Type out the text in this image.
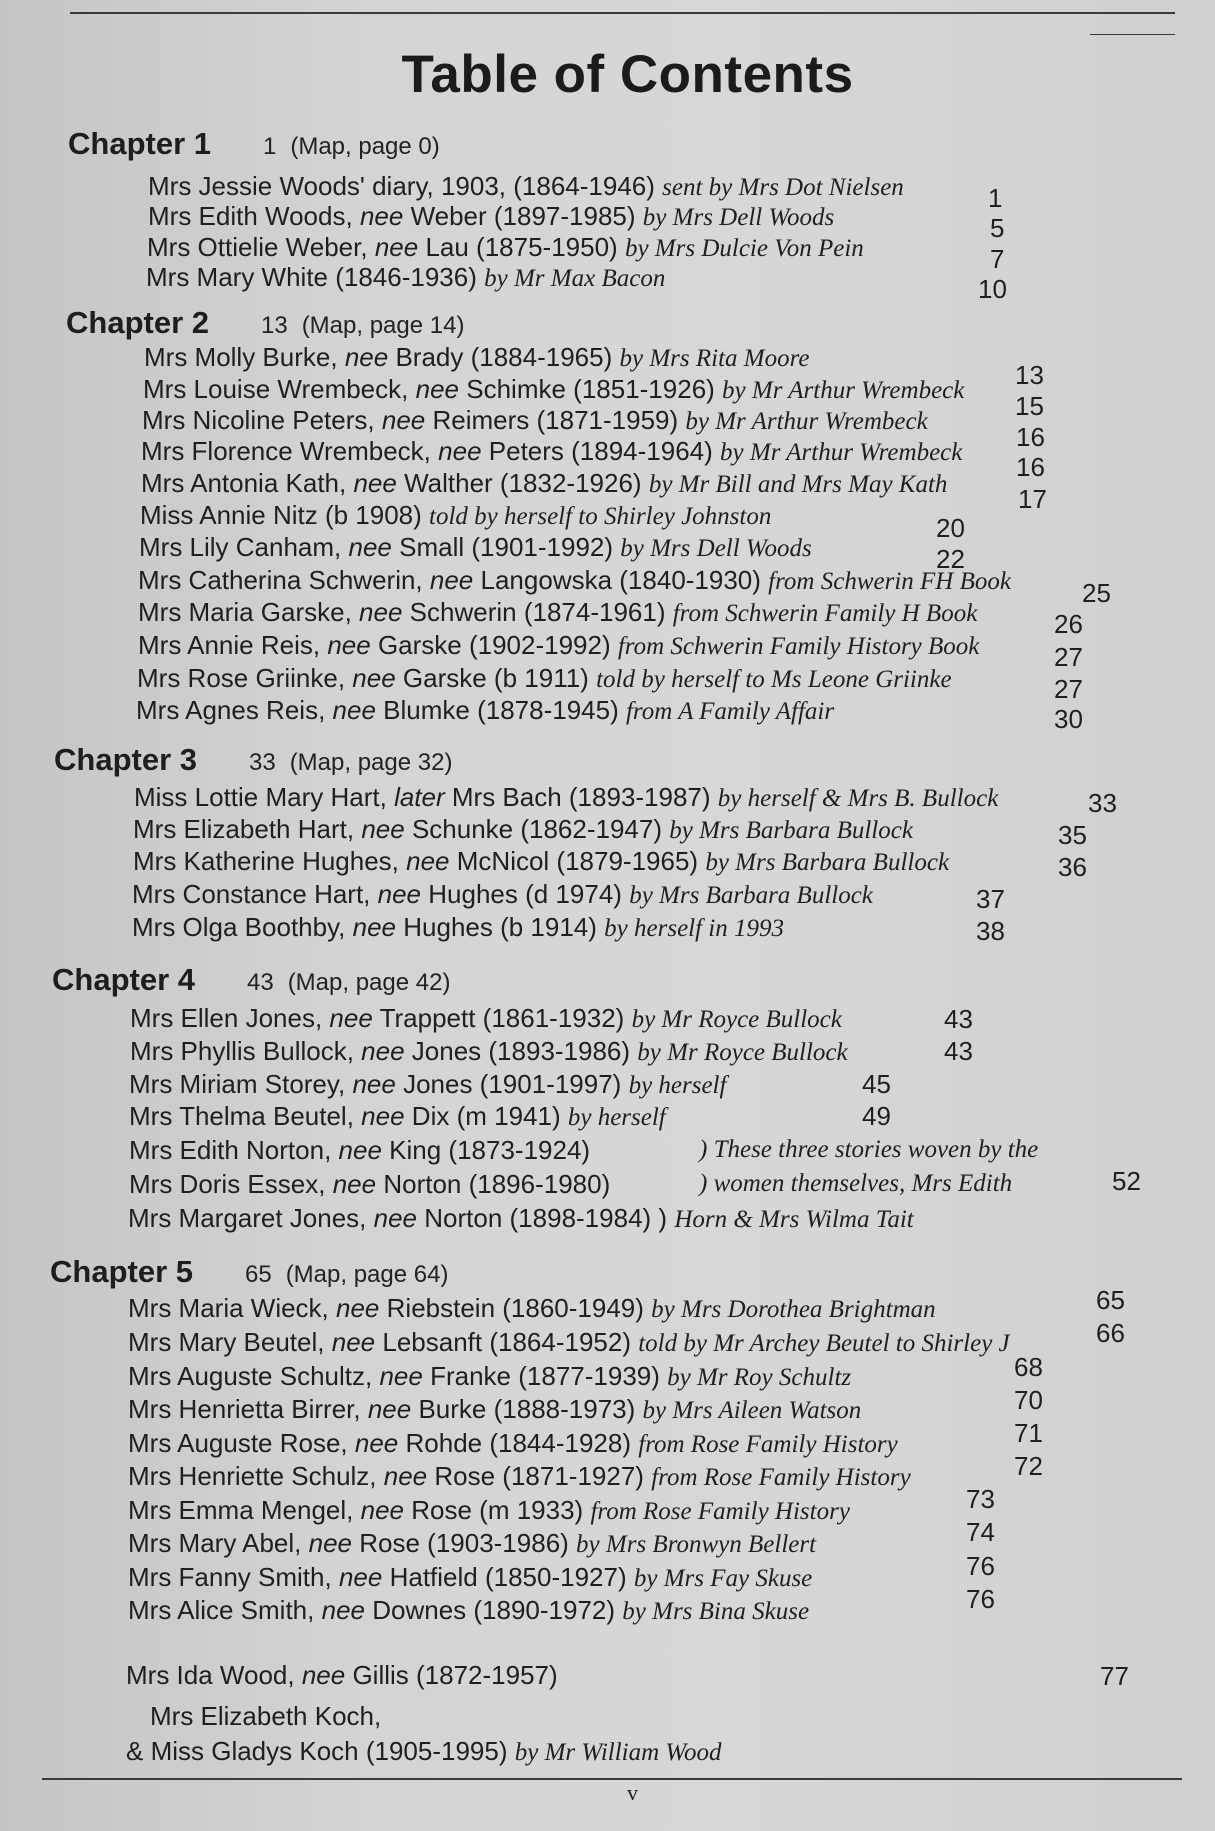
Table of Contents
Chapter 1 1 (Map, page 0)
Chapter 2 13 (Map, page 14)
Chapter 3 33 (Map, page 32)
Chapter 4 43 (Map, page 42)
Chapter 5 65 (Map, page 64)
Mrs Jessie Woods' diary, 1903, (1864-1946) sent by Mrs Dot Nielsen	1
Mrs Edith Woods, nee Weber (1897-1985) by Mrs Dell Woods	5
Mrs Ottielie Weber, nee Lau (1875-1950) by Mrs Dulcie Von Pein	7
Mrs Mary White (1846-1936) by Mr Max Bacon	10
Mrs Molly Burke, nee Brady (1884-1965) by Mrs Rita Moore
13
Mrs Louise Wrembeck, nee Schimke (1851-1926) by Mr Arthur Wrembeck
15
Mrs Nicoline Peters, nee Reimers (1871-1959) by Mr Arthur Wrembeck
16
Mrs Florence Wrembeck, nee Peters (1894-1964) by Mr Arthur Wrembeck 16
Mrs Antonia Kath, nee Walther (1832-1926) by Mr Bill and Mrs May Kath	17
Miss Annie Nitz (b 1908) told by herself to Shirley Johnston	20
Mrs Lily Canham, nee Small (1901-1992) by Mrs Dell Woods	22
Mrs Catherina Schwerin, nee Langowska (1840-1930) from Schwerin FH Book	25
Mrs Maria Garske, nee Schwerin (1874-1961) from Schwerin Family H Book	26
Mrs Annie Reis, nee Garske (1902-1992) from Schwerin Family History Book	27
Mrs Rose Griinke, nee Garske (b 1911) told by herself to Ms Leone Griinke	27
Mrs Agnes Reis, nee Blumke (1878-1945) from A Family Affair	30
Miss Lottie Mary Hart, later Mrs Bach (1893-1987) by herself & Mrs B. Bullock	33
Mrs Elizabeth Hart, nee Schunke (1862-1947) by Mrs Barbara Bullock	35
Mrs Katherine Hughes, nee McNicol (1879-1965) by Mrs Barbara Bullock	36
Mrs Constance Hart, nee Hughes (d 1974) by Mrs Barbara Bullock	37
Mrs Olga Boothby, nee Hughes (b 1914) by herself in 1993	38
Mrs Ellen Jones, nee Trappett (1861-1932) by Mr Royce Bullock	43
Mrs Phyllis Bullock, nee Jones (1893-1986) by Mr Royce Bullock	43
Mrs Miriam Storey, nee Jones (1901-1997) by herself	45
Mrs Thelma Beutel, nee Dix (m 1941) by herself	49
Mrs Edith Norton, nee King (1873-1924)	) These three stories woven by the
Mrs Doris Essex, nee Norton (1896-1980)	) women themselves, Mrs Edith	52
Mrs Margaret Jones, nee Norton (1898-1984) ) Horn & Mrs Wilma Tait
Mrs Maria Wieck, nee Riebstein (1860-1949) by Mrs Dorothea Brightman	65
Mrs Mary Beutel, nee Lebsanft (1864-1952) told by Mr Archey Beutel to Shirley J	66
Mrs Auguste Schultz, nee Franke (1877-1939) by Mr Roy Schultz	68
Mrs Henrietta Birrer, nee Burke (1888-1973) by Mrs Aileen Watson	70
Mrs Auguste Rose, nee Rohde (1844-1928) from Rose Family History	71
Mrs Henriette Schulz, nee Rose (1871-1927) from Rose Family History	72
Mrs Emma Mengel, nee Rose (m 1933) from Rose Family History	73
Mrs Mary Abel, nee Rose (1903-1986) by Mrs Bronwyn Bellert	74
Mrs Fanny Smith, nee Hatfield (1850-1927) by Mrs Fay Skuse	76
Mrs Alice Smith, nee Downes (1890-1972) by Mrs Bina Skuse	76
Mrs Ida Wood, nee Gillis (1872-1957)	77
Mrs Elizabeth Koch,
& Miss Gladys Koch (1905-1995) by Mr William Wood
v
